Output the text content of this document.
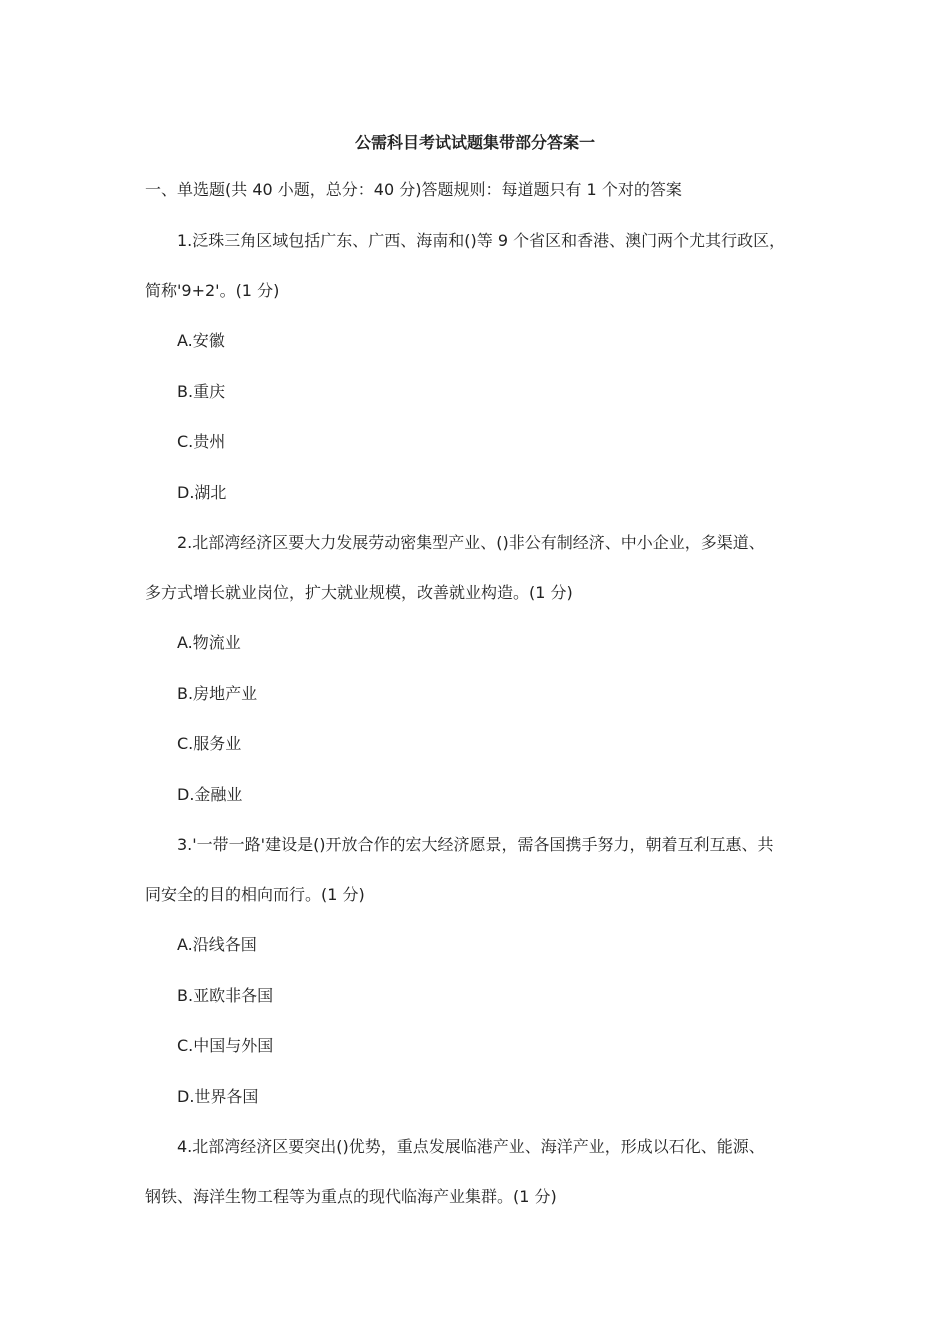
公需科目考试试题集带部分答案一
一、单选题(共 40 小题，总分：40 分)答题规则：每道题只有 1 个对的答案
1.泛珠三角区域包括广东、广西、海南和()等 9 个省区和香港、澳门两个尤其行政区，
简称'9+2'。(1 分)
A.安徽
B.重庆
C.贵州
D.湖北
2.北部湾经济区要大力发展劳动密集型产业、()非公有制经济、中小企业，多渠道、
多方式增长就业岗位，扩大就业规模，改善就业构造。(1 分)
A.物流业
B.房地产业
C.服务业
D.金融业
3.'一带一路'建设是()开放合作的宏大经济愿景，需各国携手努力，朝着互利互惠、共
同安全的目的相向而行。(1 分)
A.沿线各国
B.亚欧非各国
C.中国与外国
D.世界各国
4.北部湾经济区要突出()优势，重点发展临港产业、海洋产业，形成以石化、能源、
钢铁、海洋生物工程等为重点的现代临海产业集群。(1 分)
